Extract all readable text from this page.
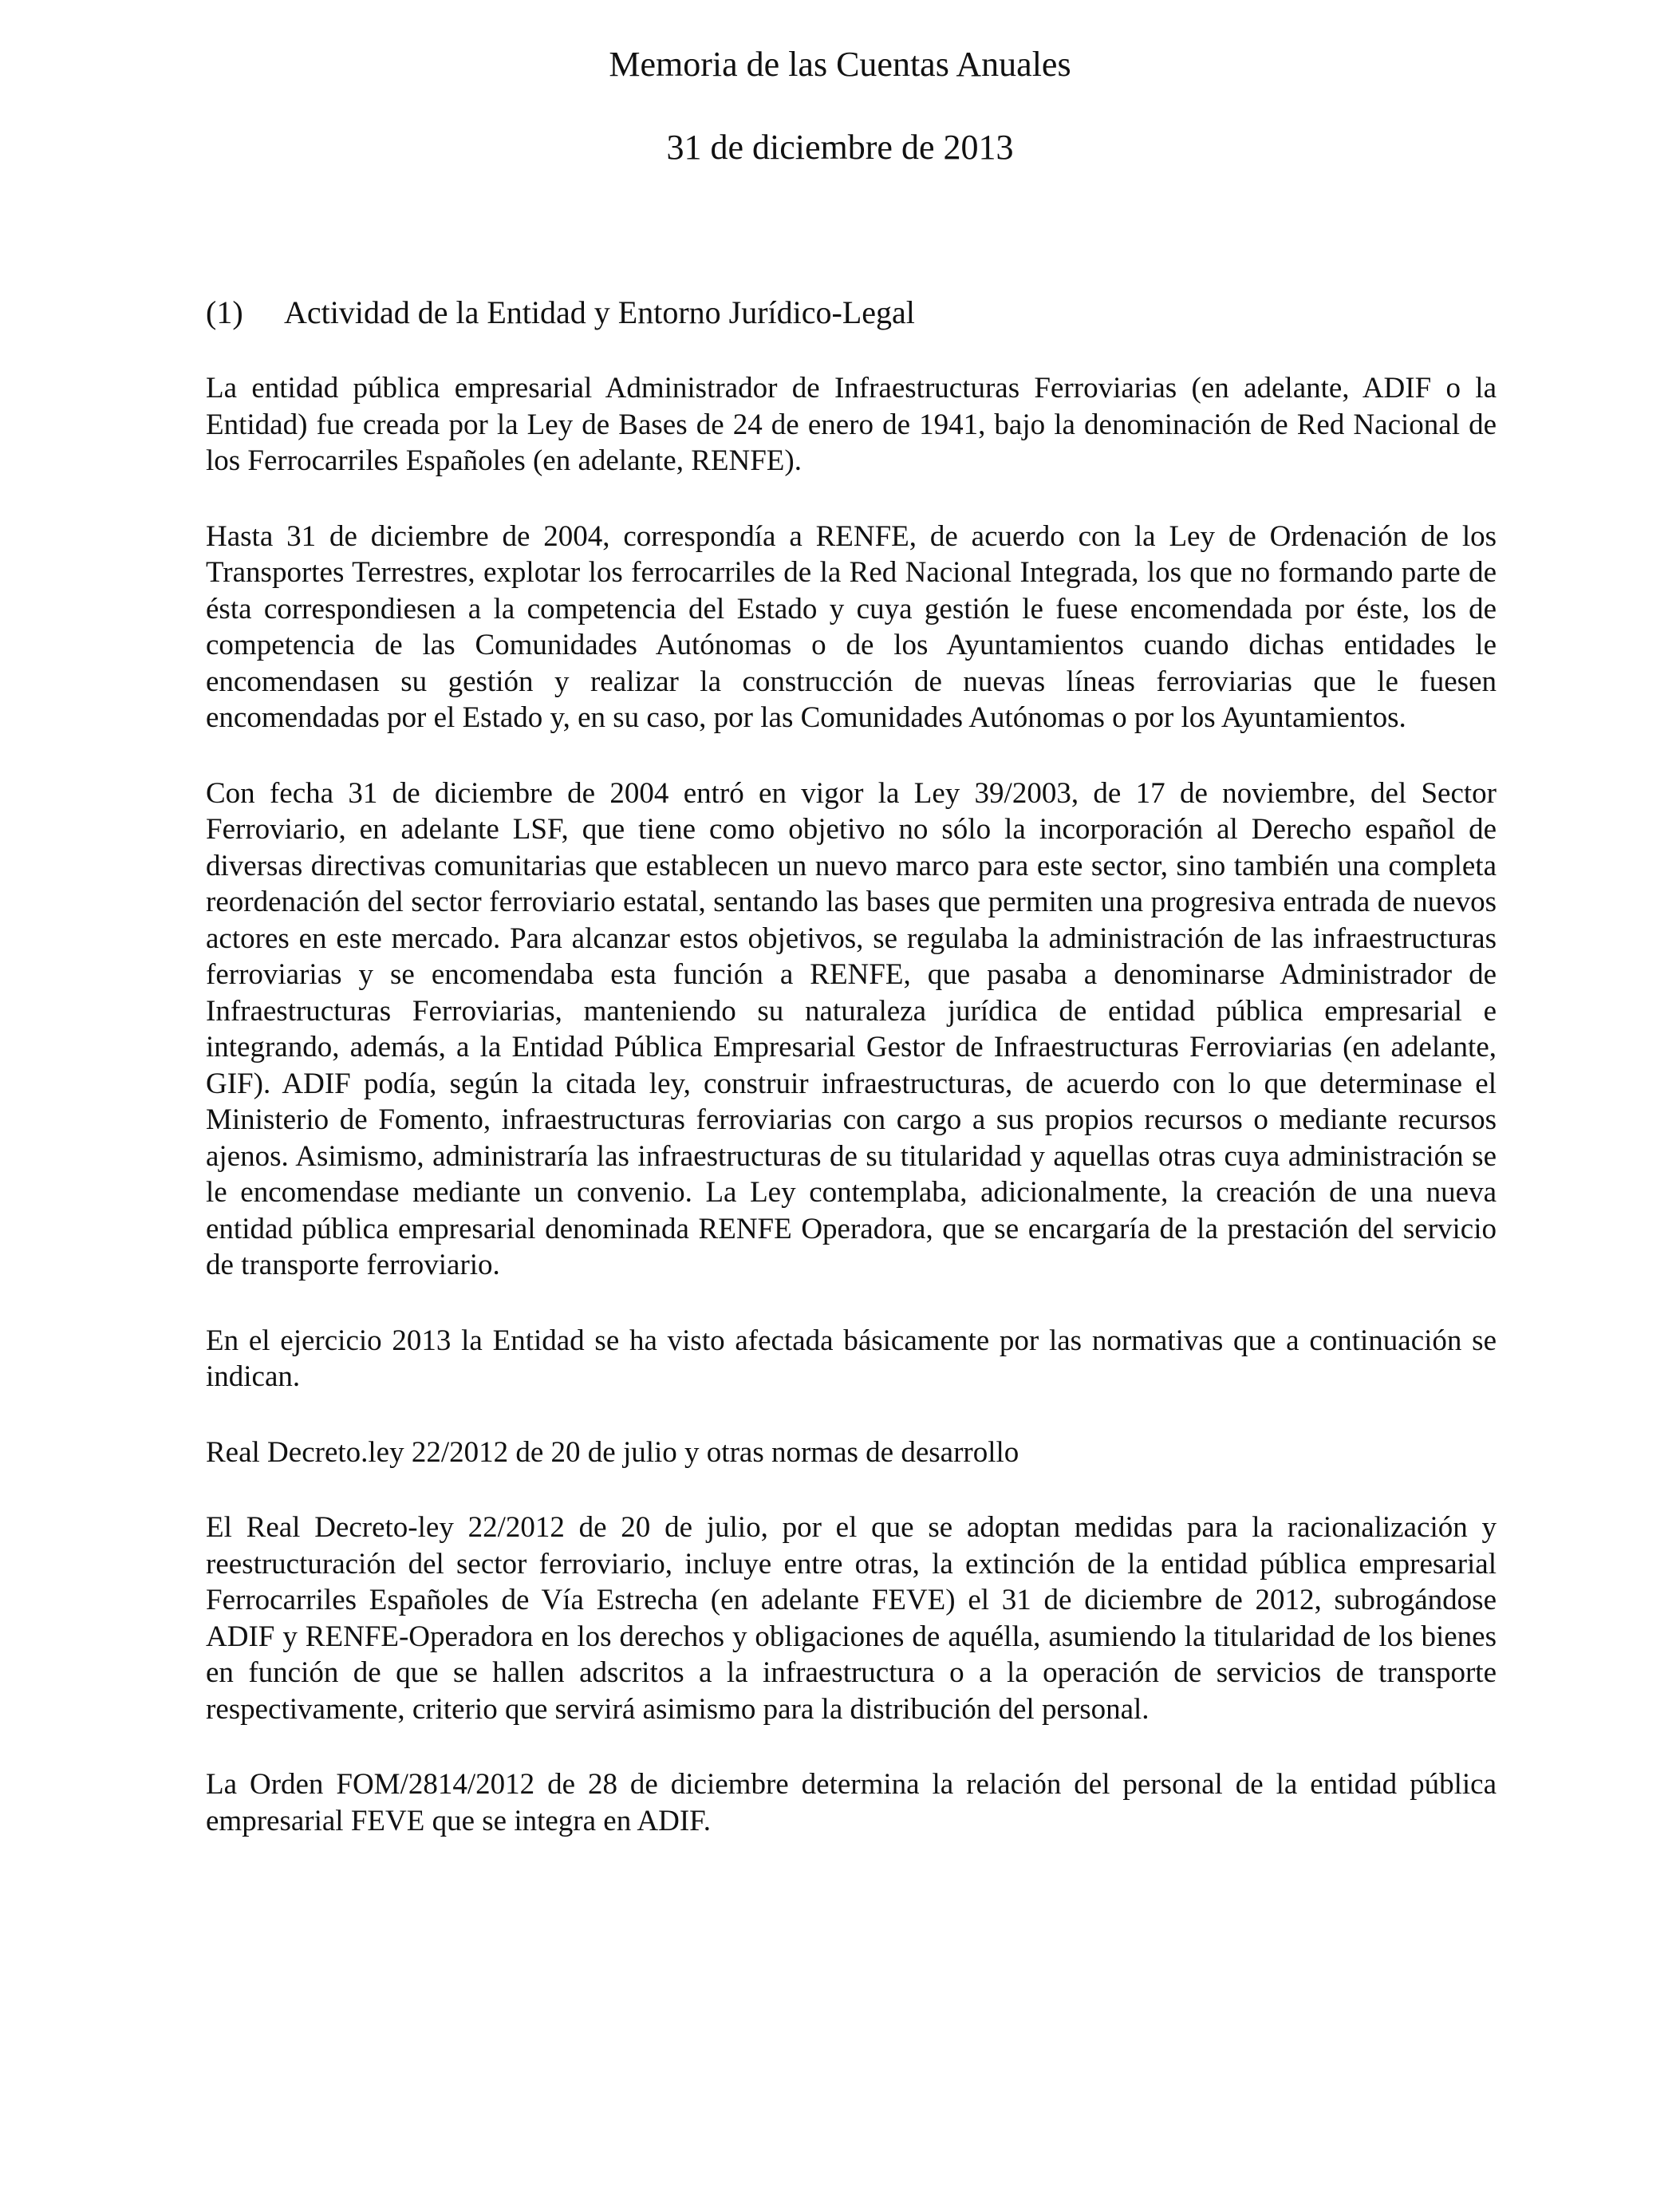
Memoria de las Cuentas Anuales
31 de diciembre de 2013
(1) Actividad de la Entidad y Entorno Jurídico-Legal

La entidad pública empresarial Administrador de Infraestructuras Ferroviarias (en adelante, ADIF o la Entidad) fue creada por la Ley de Bases de 24 de enero de 1941, bajo la denominación de Red Nacional de los Ferrocarriles Españoles (en adelante, RENFE).

Hasta 31 de diciembre de 2004, correspondía a RENFE, de acuerdo con la Ley de Ordenación de los Transportes Terrestres, explotar los ferrocarriles de la Red Nacional Integrada, los que no formando parte de ésta correspondiesen a la competencia del Estado y cuya gestión le fuese encomendada por éste, los de competencia de las Comunidades Autónomas o de los Ayuntamientos cuando dichas entidades le encomendasen su gestión y realizar la construcción de nuevas líneas ferroviarias que le fuesen encomendadas por el Estado y, en su caso, por las Comunidades Autónomas o por los Ayuntamientos.

Con fecha 31 de diciembre de 2004 entró en vigor la Ley 39/2003, de 17 de noviembre, del Sector Ferroviario, en adelante LSF, que tiene como objetivo no sólo la incorporación al Derecho español de diversas directivas comunitarias que establecen un nuevo marco para este sector, sino también una completa reordenación del sector ferroviario estatal, sentando las bases que permiten una progresiva entrada de nuevos actores en este mercado. Para alcanzar estos objetivos, se regulaba la administración de las infraestructuras ferroviarias y se encomendaba esta función a RENFE, que pasaba a denominarse Administrador de Infraestructuras Ferroviarias, manteniendo su naturaleza jurídica de entidad pública empresarial e integrando, además, a la Entidad Pública Empresarial Gestor de Infraestructuras Ferroviarias (en adelante, GIF). ADIF podía, según la citada ley, construir infraestructuras, de acuerdo con lo que determinase el Ministerio de Fomento, infraestructuras ferroviarias con cargo a sus propios recursos o mediante recursos ajenos. Asimismo, administraría las infraestructuras de su titularidad y aquellas otras cuya administración se le encomendase mediante un convenio. La Ley contemplaba, adicionalmente, la creación de una nueva entidad pública empresarial denominada RENFE Operadora, que se encargaría de la prestación del servicio de transporte ferroviario.

En el ejercicio 2013 la Entidad se ha visto afectada básicamente por las normativas que a continuación se indican.

Real Decreto.ley 22/2012 de 20 de julio y otras normas de desarrollo

El Real Decreto-ley 22/2012 de 20 de julio, por el que se adoptan medidas para la racionalización y reestructuración del sector ferroviario, incluye entre otras, la extinción de la entidad pública empresarial Ferrocarriles Españoles de Vía Estrecha (en adelante FEVE) el 31 de diciembre de 2012, subrogándose ADIF y RENFE-Operadora en los derechos y obligaciones de aquélla, asumiendo la titularidad de los bienes en función de que se hallen adscritos a la infraestructura o a la operación de servicios de transporte respectivamente, criterio que servirá asimismo para la distribución del personal.

La Orden FOM/2814/2012 de 28 de diciembre determina la relación del personal de la entidad pública empresarial FEVE que se integra en ADIF.
